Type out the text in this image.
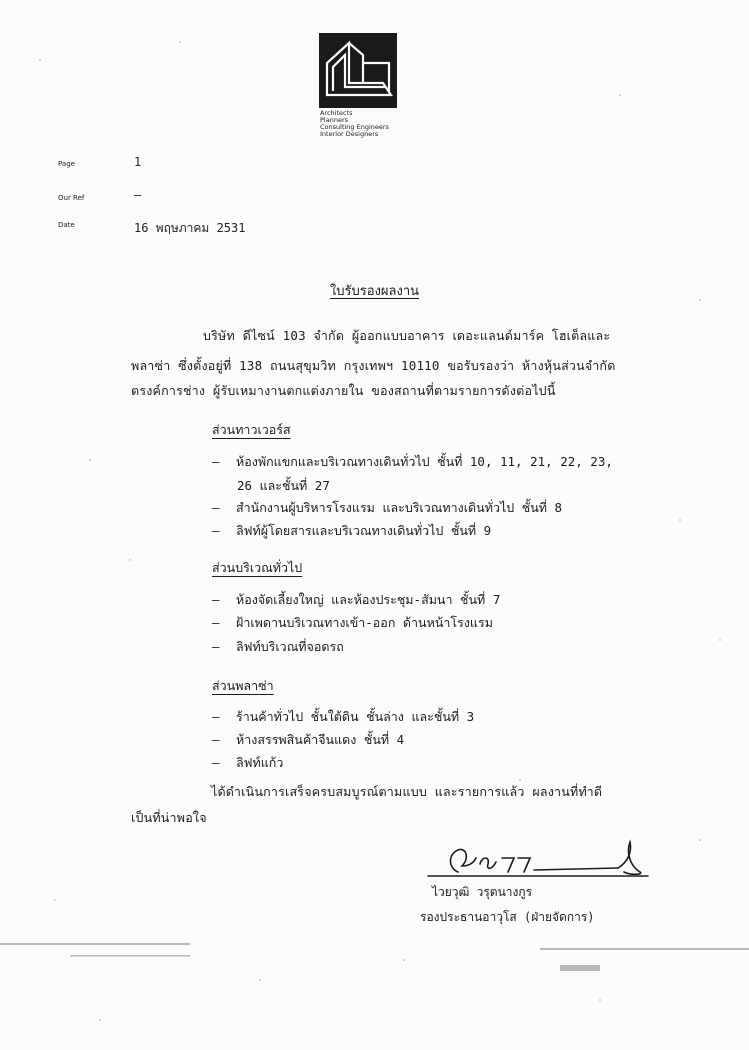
Architects
Planners
Consulting Engineers
Interior Designers
Page	1
Our Ref	–
Date	16 พฤษภาคม 2531
ใบรับรองผลงาน
บริษัท ดีไซน์ 103 จำกัด ผู้ออกแบบอาคาร เดอะแลนด์มาร์ค โฮเต็ลและ
พลาซ่า ซึ่งตั้งอยู่ที่ 138 ถนนสุขุมวิท กรุงเทพฯ 10110 ขอรับรองว่า ห้างหุ้นส่วนจำกัด
ตรงค์การช่าง ผู้รับเหมางานตกแต่งภายใน ของสถานที่ตามรายการดังต่อไปนี้
ส่วนทาวเวอร์ส
– ห้องพักแขกและบริเวณทางเดินทั่วไป ชั้นที่ 10, 11, 21, 22, 23,
26 และชั้นที่ 27
– สำนักงานผู้บริหารโรงแรม และบริเวณทางเดินทั่วไป ชั้นที่ 8
– ลิฟท์ผู้โดยสารและบริเวณทางเดินทั่วไป ชั้นที่ 9
ส่วนบริเวณทั่วไป
– ห้องจัดเลี้ยงใหญ่ และห้องประชุม-สัมนา ชั้นที่ 7
– ฝ้าเพดานบริเวณทางเข้า-ออก ด้านหน้าโรงแรม
– ลิฟท์บริเวณที่จอดรถ
ส่วนพลาซ่า
– ร้านค้าทั่วไป ชั้นใต้ดิน ชั้นล่าง และชั้นที่ 3
– ห้างสรรพสินค้าจีนแดง ชั้นที่ 4
– ลิฟท์แก้ว
ได้ดำเนินการเสร็จครบสมบูรณ์ตามแบบ และรายการแล้ว ผลงานที่ทำดี
เป็นที่น่าพอใจ
ไวยวุฒิ วรุตนางกูร
รองประธานอาวุโส (ฝ่ายจัดการ)
